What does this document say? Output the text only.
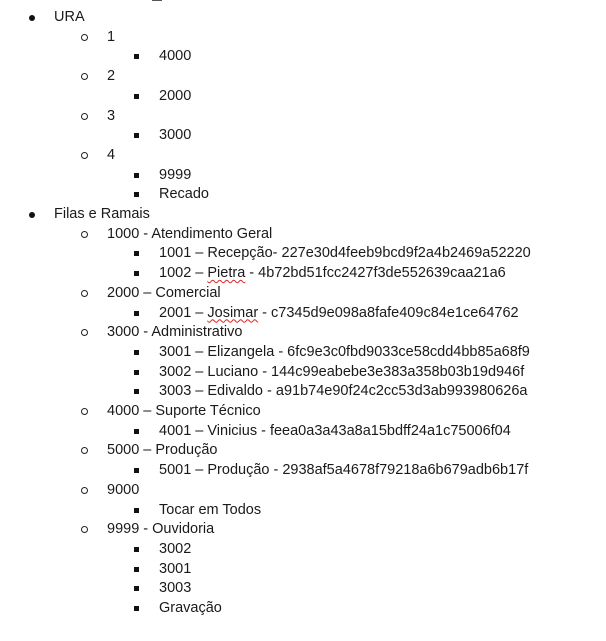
URA
1
4000
2
2000
3
3000
4
9999
Recado
Filas e Ramais
1000 - Atendimento Geral
1001 – Recepção- 227e30d4feeb9bcd9f2a4b2469a52220
1002 – Pietra - 4b72bd51fcc2427f3de552639caa21a6
2000 – Comercial
2001 – Josimar - c7345d9e098a8fafe409c84e1ce64762
3000 - Administrativo
3001 – Elizangela - 6fc9e3c0fbd9033ce58cdd4bb85a68f9
3002 – Luciano - 144c99eabebe3e383a358b03b19d946f
3003 – Edivaldo - a91b74e90f24c2cc53d3ab993980626a
4000 – Suporte Técnico
4001 – Vinicius - feea0a3a43a8a15bdff24a1c75006f04
5000 – Produção
5001 – Produção - 2938af5a4678f79218a6b679adb6b17f
9000
Tocar em Todos
9999 - Ouvidoria
3002
3001
3003
Gravação
